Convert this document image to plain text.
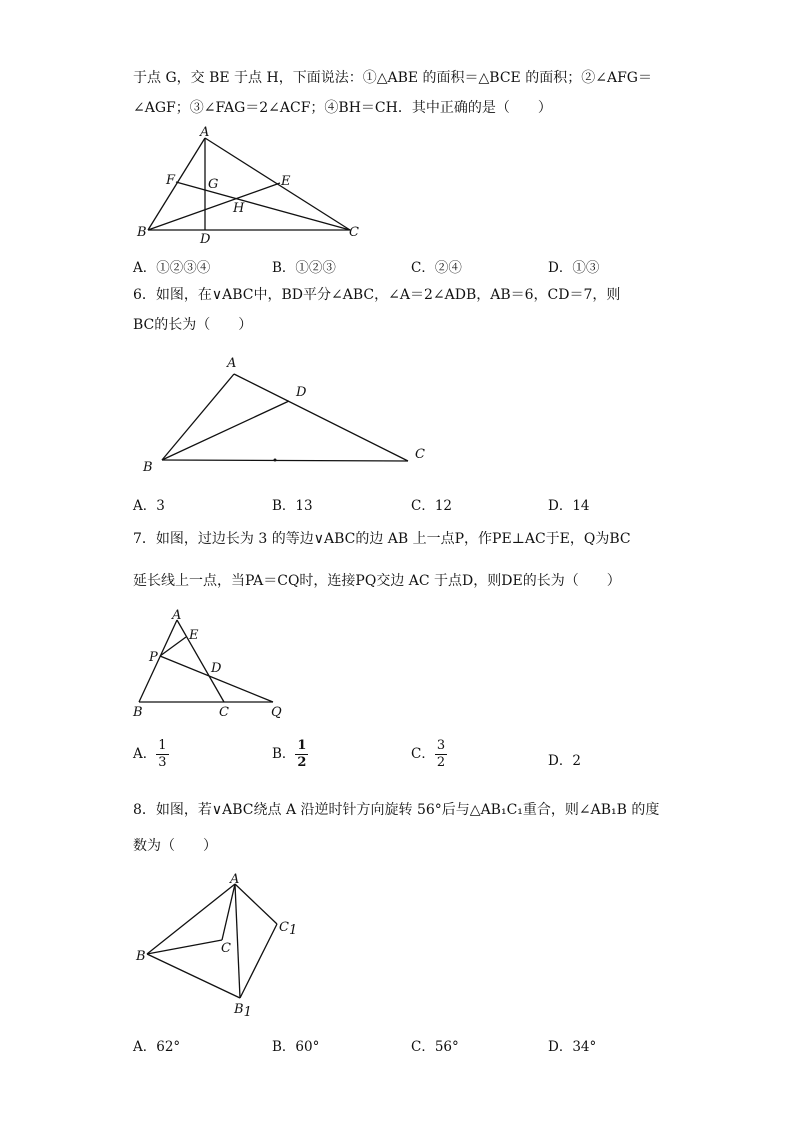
于点 G，交 BE 于点 H，下面说法：①△ABE 的面积＝△BCE 的面积；②∠AFG＝
∠AGF；③∠FAG＝2∠ACF；④BH＝CH．其中正确的是（　　）
A
F	G	E
H
B	D	C
A．①②③④	B．①②③	C．②④	D．①③
6．如图，在∨ABC中，BD平分∠ABC，∠A＝2∠ADB，AB＝6，CD＝7，则
BC的长为（　　）
A
D
B
C
A．3	B．13	C．12	D．14
7．如图，过边长为 3 的等边∨ABC的边 AB 上一点P，作PE⊥AC于E，Q为BC
延长线上一点，当PA＝CQ时，连接PQ交边 AC 于点D，则DE的长为（　　）
A
E
P
D
B	C	Q
A． $\frac{1}{3}$	B． $\frac{1}{2}$	C． $\frac{3}{2}$	D．2
8．如图，若∨ABC绕点 A 沿逆时针方向旋转 56°后与△AB₁C₁重合，则∠AB₁B 的度
数为（　　）
A
C1
B
C
B1
A．62°	B．60°	C．56°	D．34°
